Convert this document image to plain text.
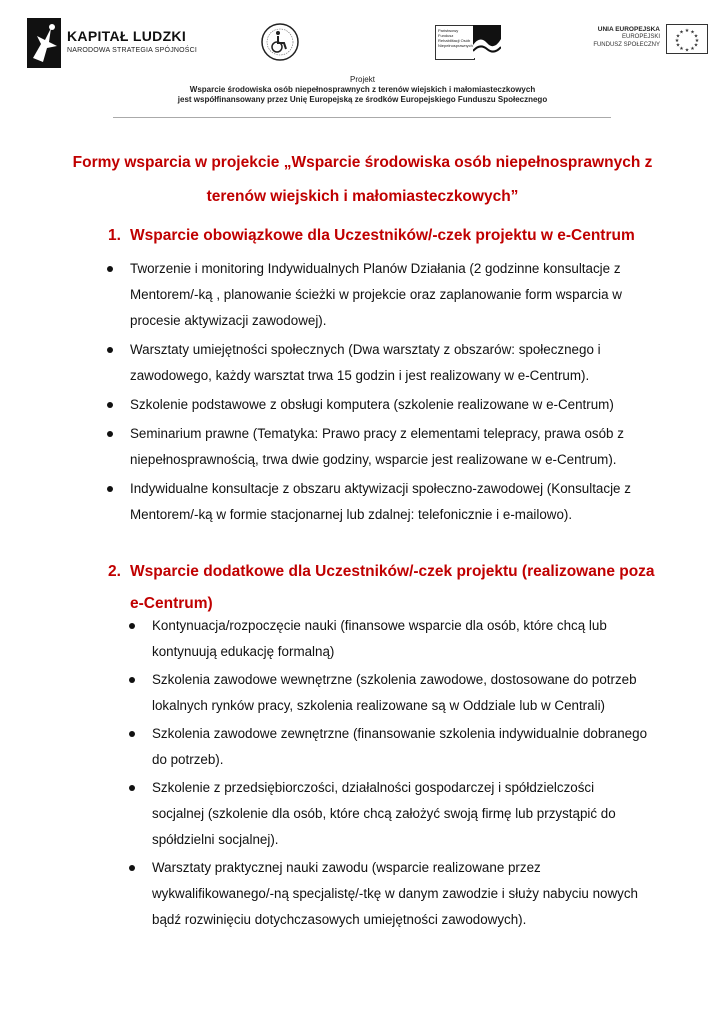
KAPITAŁ LUDZKI
NARODOWA STRATEGIA SPÓJNOŚCI
Państwowy Fundusz Rehabilitacji Osób Niepełnosprawnych
UNIA EUROPEJSKA
EUROPEJSKI
FUNDUSZ SPOŁECZNY
★ ★
★
★
★
★
★
★
★
★
★
★
Projekt
Wsparcie środowiska osób niepełnosprawnych z terenów wiejskich i małomiasteczkowych
jest współfinansowany przez Unię Europejską ze środków Europejskiego Funduszu Społecznego
Formy wsparcia w projekcie „Wsparcie środowiska osób niepełnosprawnych z terenów wiejskich i małomiasteczkowych”
1. Wsparcie obowiązkowe dla Uczestników/-czek projektu w e-Centrum
Tworzenie i monitoring Indywidualnych Planów Działania (2 godzinne konsultacje z Mentorem/-ką , planowanie ścieżki w projekcie oraz zaplanowanie form wsparcia w procesie aktywizacji zawodowej).
Warsztaty umiejętności społecznych (Dwa warsztaty z obszarów: społecznego i zawodowego, każdy warsztat trwa 15 godzin i jest realizowany w e-Centrum).
Szkolenie podstawowe z obsługi komputera (szkolenie realizowane w e-Centrum)
Seminarium prawne (Tematyka: Prawo pracy z elementami telepracy, prawa osób z niepełnosprawnością, trwa dwie godziny, wsparcie jest realizowane w e-Centrum).
Indywidualne konsultacje z obszaru aktywizacji społeczno-zawodowej (Konsultacje z Mentorem/-ką w formie stacjonarnej lub zdalnej: telefonicznie i e-mailowo).
2. Wsparcie dodatkowe dla Uczestników/-czek projektu (realizowane poza e-Centrum)
Kontynuacja/rozpoczęcie nauki (finansowe wsparcie dla osób, które chcą lub kontynuują edukację formalną)
Szkolenia zawodowe wewnętrzne (szkolenia zawodowe, dostosowane do potrzeb lokalnych rynków pracy, szkolenia realizowane są w Oddziale lub w Centrali)
Szkolenia zawodowe zewnętrzne (finansowanie szkolenia indywidualnie dobranego do potrzeb).
Szkolenie z przedsiębiorczości, działalności gospodarczej i spółdzielczości socjalnej (szkolenie dla osób, które chcą założyć swoją firmę lub przystąpić do spółdzielni socjalnej).
Warsztaty praktycznej nauki zawodu (wsparcie realizowane przez wykwalifikowanego/-ną specjalistę/-tkę w danym zawodzie i służy nabyciu nowych bądź rozwinięciu dotychczasowych umiejętności zawodowych).
